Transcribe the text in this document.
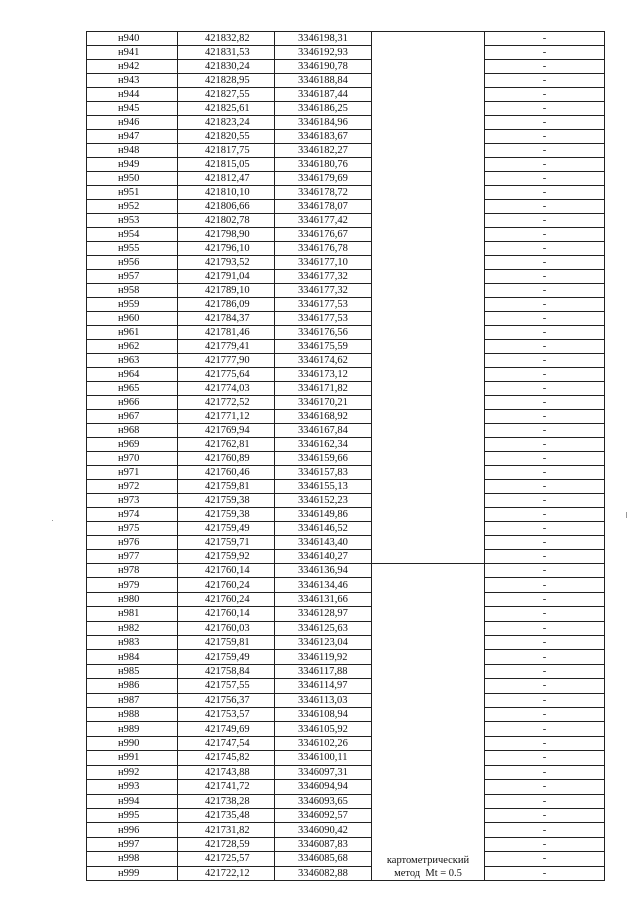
н940	421832,82	3346198,31		-
н941	421831,53	3346192,93		-
н942	421830,24	3346190,78		-
н943	421828,95	3346188,84		-
н944	421827,55	3346187,44		-
н945	421825,61	3346186,25		-
н946	421823,24	3346184,96		-
н947	421820,55	3346183,67		-
н948	421817,75	3346182,27		-
н949	421815,05	3346180,76		-
н950	421812,47	3346179,69		-
н951	421810,10	3346178,72		-
н952	421806,66	3346178,07		-
н953	421802,78	3346177,42		-
н954	421798,90	3346176,67		-
н955	421796,10	3346176,78		-
н956	421793,52	3346177,10		-
н957	421791,04	3346177,32		-
н958	421789,10	3346177,32		-
н959	421786,09	3346177,53		-
н960	421784,37	3346177,53		-
н961	421781,46	3346176,56		-
н962	421779,41	3346175,59		-
н963	421777,90	3346174,62		-
н964	421775,64	3346173,12		-
н965	421774,03	3346171,82		-
н966	421772,52	3346170,21		-
н967	421771,12	3346168,92		-
н968	421769,94	3346167,84		-
н969	421762,81	3346162,34		-
н970	421760,89	3346159,66		-
н971	421760,46	3346157,83		-
н972	421759,81	3346155,13		-
н973	421759,38	3346152,23		-
н974	421759,38	3346149,86		-
н975	421759,49	3346146,52		-
н976	421759,71	3346143,40		-
н977	421759,92	3346140,27		-
н978	421760,14	3346136,94	картометрический
метод  Mt = 0.5	-
н979	421760,24	3346134,46		-
н980	421760,24	3346131,66		-
н981	421760,14	3346128,97		-
н982	421760,03	3346125,63		-
н983	421759,81	3346123,04		-
н984	421759,49	3346119,92		-
н985	421758,84	3346117,88		-
н986	421757,55	3346114,97		-
н987	421756,37	3346113,03		-
н988	421753,57	3346108,94		-
н989	421749,69	3346105,92		-
н990	421747,54	3346102,26		-
н991	421745,82	3346100,11		-
н992	421743,88	3346097,31		-
н993	421741,72	3346094,94		-
н994	421738,28	3346093,65		-
н995	421735,48	3346092,57		-
н996	421731,82	3346090,42		-
н997	421728,59	3346087,83		-
н998	421725,57	3346085,68		-
н999	421722,12	3346082,88		-
